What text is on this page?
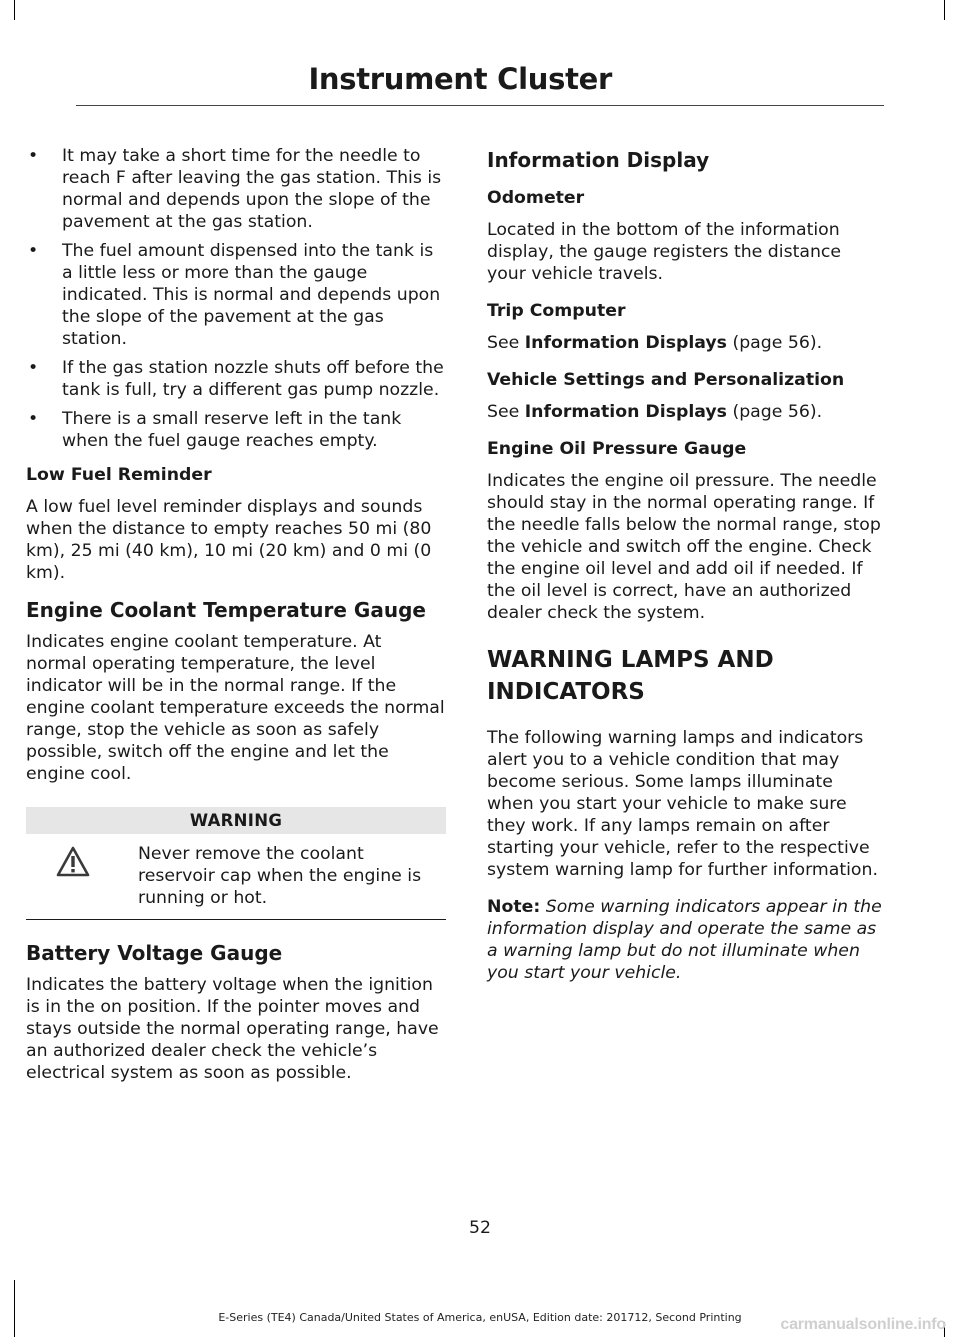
Instrument Cluster
• It may take a short time for the needle to reach F after leaving the gas station. This is normal and depends upon the slope of the pavement at the gas station.
• The fuel amount dispensed into the tank is a little less or more than the gauge indicated. This is normal and depends upon the slope of the pavement at the gas station.
• If the gas station nozzle shuts off before the tank is full, try a different gas pump nozzle.
• There is a small reserve left in the tank when the fuel gauge reaches empty.
Low Fuel Reminder

A low fuel level reminder displays and sounds when the distance to empty reaches 50 mi (80 km), 25 mi (40 km), 10 mi (20 km) and 0 mi (0 km).

Engine Coolant Temperature Gauge

Indicates engine coolant temperature. At normal operating temperature, the level indicator will be in the normal range. If the engine coolant temperature exceeds the normal range, stop the vehicle as soon as safely possible, switch off the engine and let the engine cool.

WARNING

Never remove the coolant reservoir cap when the engine is running or hot.

Battery Voltage Gauge

Indicates the battery voltage when the ignition is in the on position. If the pointer moves and stays outside the normal operating range, have an authorized dealer check the vehicle’s electrical system as soon as possible.

Information Display
Odometer

Located in the bottom of the information display, the gauge registers the distance your vehicle travels.

Trip Computer

See Information Displays (page 56).

Vehicle Settings and Personalization

See Information Displays (page 56).

Engine Oil Pressure Gauge

Indicates the engine oil pressure. The needle should stay in the normal operating range. If the needle falls below the normal range, stop the vehicle and switch off the engine. Check the engine oil level and add oil if needed. If the oil level is correct, have an authorized dealer check the system.

WARNING LAMPS AND
INDICATORS

The following warning lamps and indicators alert you to a vehicle condition that may become serious. Some lamps illuminate when you start your vehicle to make sure they work. If any lamps remain on after starting your vehicle, refer to the respective system warning lamp for further information.

Note: Some warning indicators appear in the information display and operate the same as a warning lamp but do not illuminate when you start your vehicle.

52
E-Series (TE4) Canada/United States of America, enUSA, Edition date: 201712, Second Printing	carmanualsonline.info
